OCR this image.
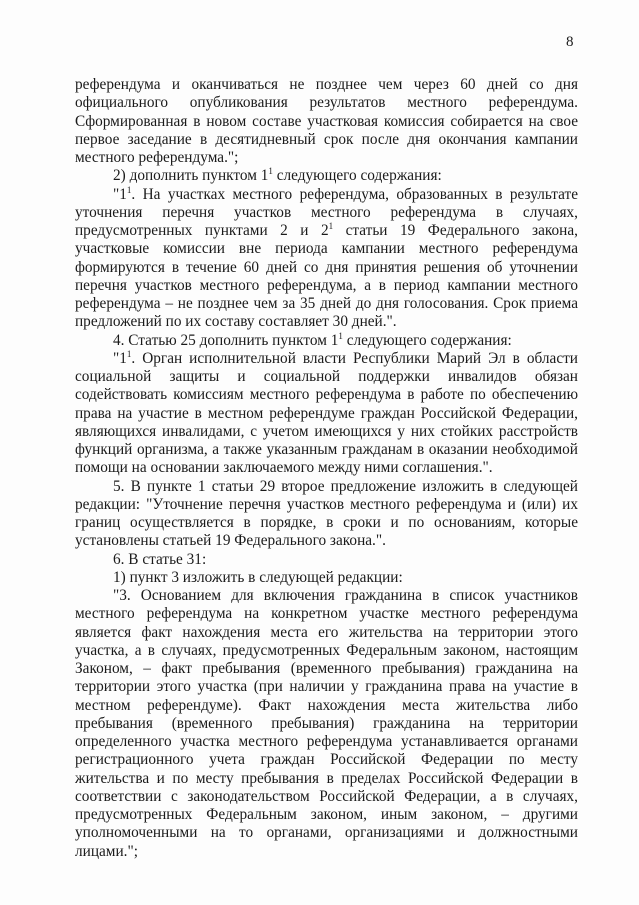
8

референдума и оканчиваться не позднее чем через 60 дней со дня официального опубликования результатов местного референдума. Сформированная в новом составе участковая комиссия собирается на свое первое заседание в десятидневный срок после дня окончания кампании местного референдума.";

2) дополнить пунктом $1^1$ следующего содержания:

"$1^1$. На участках местного референдума, образованных в результате уточнения перечня участков местного референдума в случаях, предусмотренных пунктами 2 и $2^1$ статьи 19 Федерального закона, участковые комиссии вне периода кампании местного референдума формируются в течение 60 дней со дня принятия решения об уточнении перечня участков местного референдума, а в период кампании местного референдума – не позднее чем за 35 дней до дня голосования. Срок приема предложений по их составу составляет 30 дней.".

4. Статью 25 дополнить пунктом $1^1$ следующего содержания:

"$1^1$. Орган исполнительной власти Республики Марий Эл в области социальной защиты и социальной поддержки инвалидов обязан содействовать комиссиям местного референдума в работе по обеспечению права на участие в местном референдуме граждан Российской Федерации, являющихся инвалидами, с учетом имеющихся у них стойких расстройств функций организма, а также указанным гражданам в оказании необходимой помощи на основании заключаемого между ними соглашения.".

5. В пункте 1 статьи 29 второе предложение изложить в следующей редакции: "Уточнение перечня участков местного референдума и (или) их границ осуществляется в порядке, в сроки и по основаниям, которые установлены статьей 19 Федерального закона.".

6. В статье 31:

1) пункт 3 изложить в следующей редакции:

"3. Основанием для включения гражданина в список участников местного референдума на конкретном участке местного референдума является факт нахождения места его жительства на территории этого участка, а в случаях, предусмотренных Федеральным законом, настоящим Законом, – факт пребывания (временного пребывания) гражданина на территории этого участка (при наличии у гражданина права на участие в местном референдуме). Факт нахождения места жительства либо пребывания (временного пребывания) гражданина на территории определенного участка местного референдума устанавливается органами регистрационного учета граждан Российской Федерации по месту жительства и по месту пребывания в пределах Российской Федерации в соответствии с законодательством Российской Федерации, а в случаях, предусмотренных Федеральным законом, иным законом, – другими уполномоченными на то органами, организациями и должностными лицами.";
